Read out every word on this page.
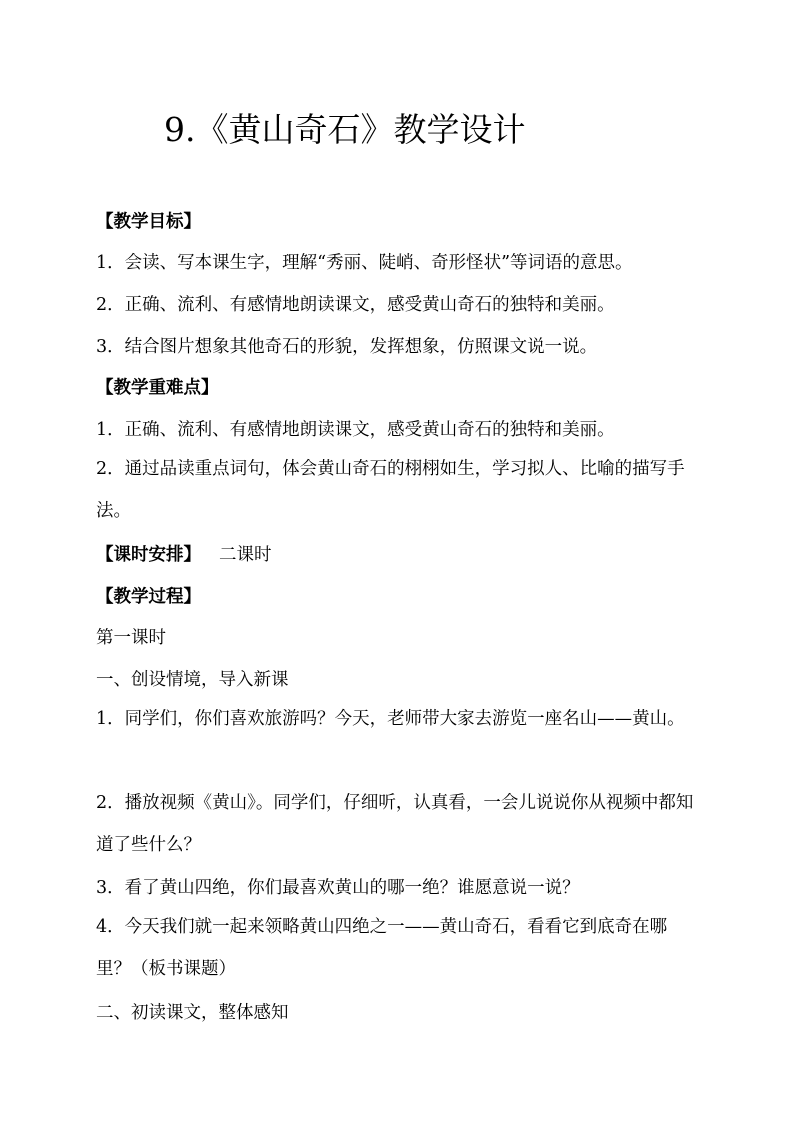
9.《黄山奇石》教学设计

【教学目标】

1．会读、写本课生字，理解“秀丽、陡峭、奇形怪状”等词语的意思。

2．正确、流利、有感情地朗读课文，感受黄山奇石的独特和美丽。

3．结合图片想象其他奇石的形貌，发挥想象，仿照课文说一说。

【教学重难点】

1．正确、流利、有感情地朗读课文，感受黄山奇石的独特和美丽。

2．通过品读重点词句，体会黄山奇石的栩栩如生，学习拟人、比喻的描写手法。

【课时安排】 二课时

【教学过程】

第一课时

一、创设情境，导入新课

1．同学们，你们喜欢旅游吗？今天，老师带大家去游览一座名山——黄山。

2．播放视频《黄山》。同学们，仔细听，认真看，一会儿说说你从视频中都知道了些什么？

3．看了黄山四绝，你们最喜欢黄山的哪一绝？谁愿意说一说？

4．今天我们就一起来领略黄山四绝之一——黄山奇石，看看它到底奇在哪里？（板书课题）

二、初读课文，整体感知
